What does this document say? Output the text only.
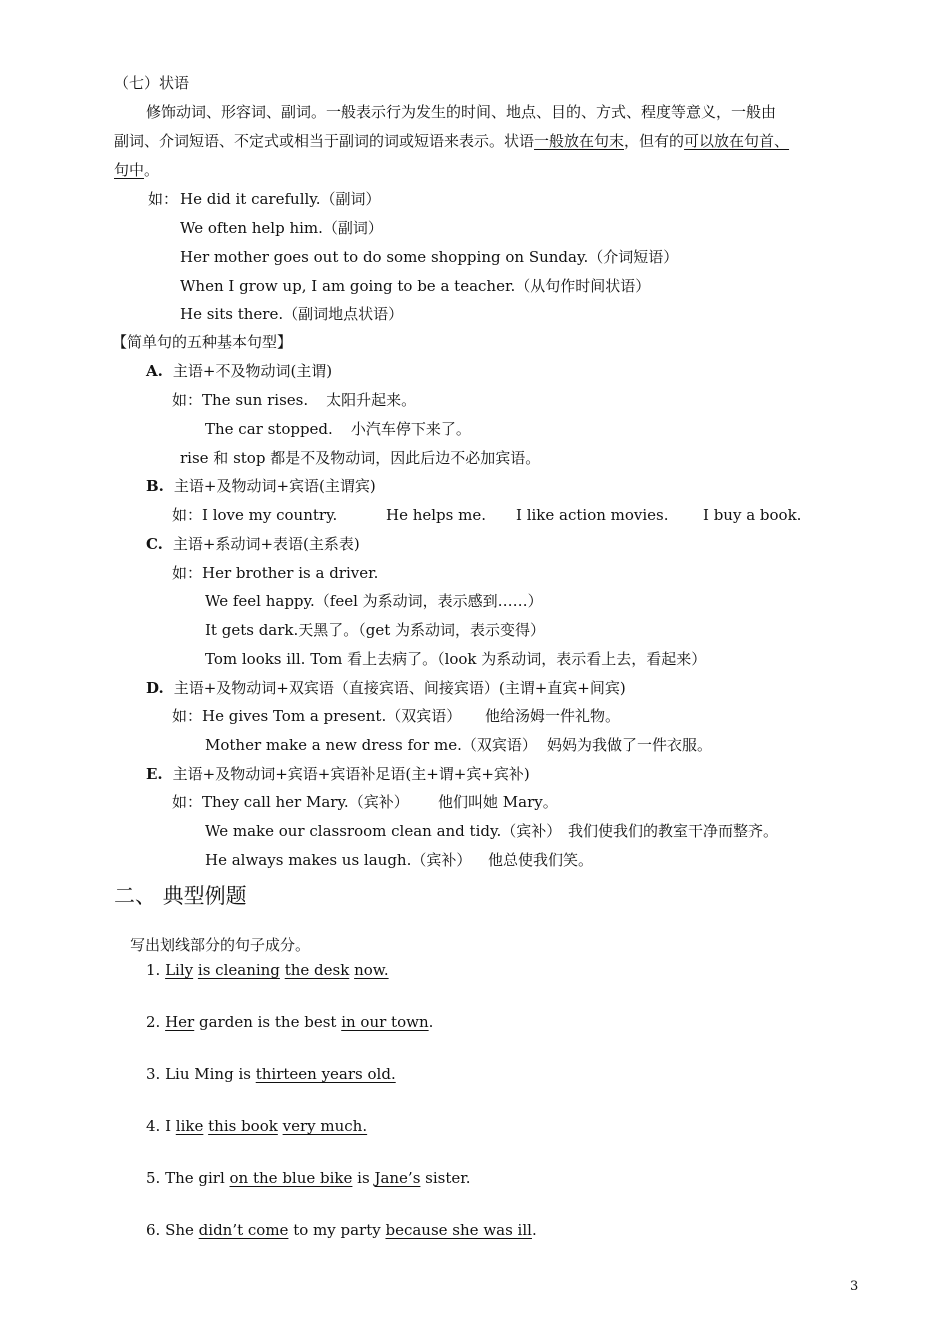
（七）状语
修饰动词、形容词、副词。一般表示行为发生的时间、地点、目的、方式、程度等意义，一般由
副词、介词短语、不定式或相当于副词的词或短语来表示。状语一般放在句末，但有的可以放在句首、
句中。
如： He did it carefully.（副词）
We often help him.（副词）
Her mother goes out to do some shopping on Sunday.（介词短语）
When I grow up, I am going to be a teacher.（从句作时间状语）
He sits there.（副词地点状语）
【简单句的五种基本句型】
A. 主语+不及物动词(主谓)
如：The sun rises. 太阳升起来。
The car stopped. 小汽车停下来了。
rise 和 stop 都是不及物动词，因此后边不必加宾语。
B. 主语+及物动词+宾语(主谓宾)
如：I love my country.	He helps me. I like action movies. I buy a book.
C. 主语+系动词+表语(主系表)
如：Her brother is a driver.
We feel happy.（feel 为系动词，表示感到……）
It gets dark.天黑了。（get 为系动词，表示变得）
Tom looks ill. Tom 看上去病了。（look 为系动词，表示看上去，看起来）
D. 主语+及物动词+双宾语（直接宾语、间接宾语）(主谓+直宾+间宾)
如：He gives Tom a present.（双宾语） 他给汤姆一件礼物。
Mother make a new dress for me.（双宾语） 妈妈为我做了一件衣服。
E. 主语+及物动词+宾语+宾语补足语(主+谓+宾+宾补)
如：They call her Mary.（宾补） 他们叫她 Mary。
We make our classroom clean and tidy.（宾补） 我们使我们的教室干净而整齐。
He always makes us laugh.（宾补） 他总使我们笑。
二、 典型例题
写出划线部分的句子成分。
1. Lily is cleaning the desk now.
2. Her garden is the best in our town.
3. Liu Ming is thirteen years old.
4. I like this book very much.
5. The girl on the blue bike is Jane’s sister.
6. She didn’t come to my party because she was ill.
3
